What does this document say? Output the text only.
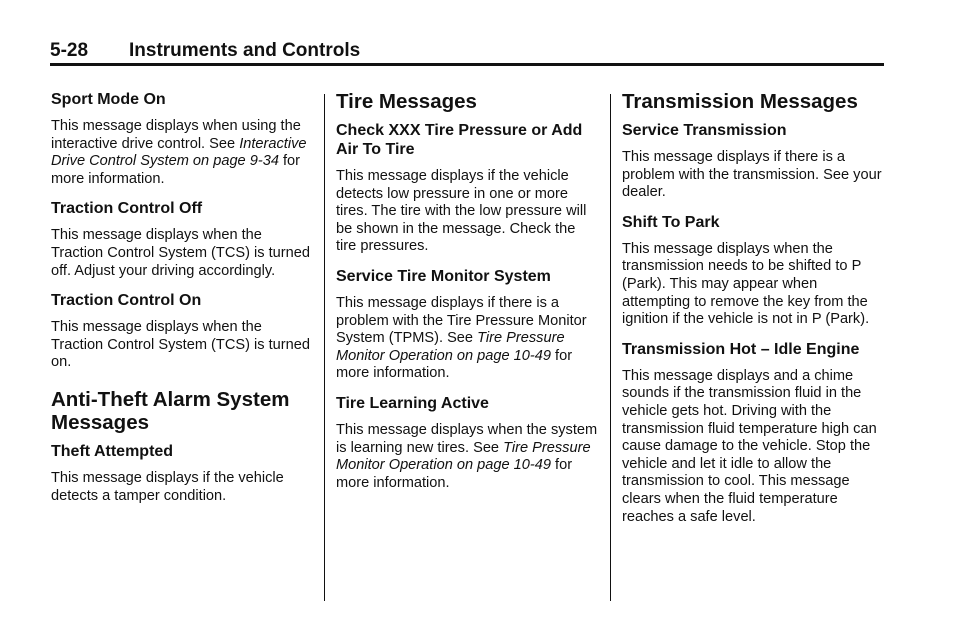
5-28 Instruments and Controls
Sport Mode On

This message displays when using the interactive drive control. See Interactive Drive Control System on page 9-34 for more information.

Traction Control Off

This message displays when the Traction Control System (TCS) is turned off. Adjust your driving accordingly.

Traction Control On

This message displays when the Traction Control System (TCS) is turned on.

Anti-Theft Alarm System Messages
Theft Attempted

This message displays if the vehicle detects a tamper condition.

Tire Messages
Check XXX Tire Pressure or Add Air To Tire

This message displays if the vehicle detects low pressure in one or more tires. The tire with the low pressure will be shown in the message. Check the tire pressures.

Service Tire Monitor System

This message displays if there is a problem with the Tire Pressure Monitor System (TPMS). See Tire Pressure Monitor Operation on page 10-49 for more information.

Tire Learning Active

This message displays when the system is learning new tires. See Tire Pressure Monitor Operation on page 10-49 for more information.

Transmission Messages
Service Transmission

This message displays if there is a problem with the transmission. See your dealer.

Shift To Park

This message displays when the transmission needs to be shifted to P (Park). This may appear when attempting to remove the key from the ignition if the vehicle is not in P (Park).

Transmission Hot – Idle Engine

This message displays and a chime sounds if the transmission fluid in the vehicle gets hot. Driving with the transmission fluid temperature high can cause damage to the vehicle. Stop the vehicle and let it idle to allow the transmission to cool. This message clears when the fluid temperature reaches a safe level.
